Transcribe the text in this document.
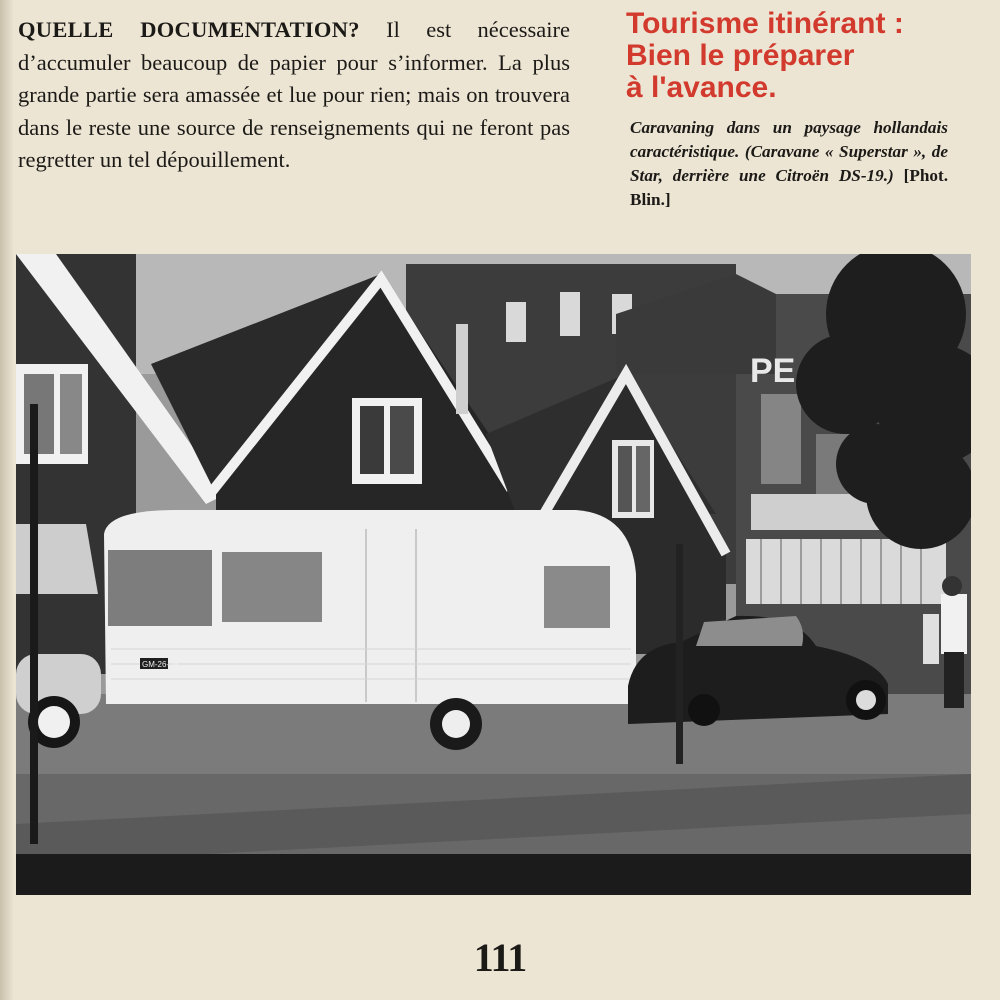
QUELLE DOCUMENTATION? Il est nécessaire d’accumuler beaucoup de papier pour s’informer. La plus grande partie sera amassée et lue pour rien; mais on trouvera dans le reste une source de renseignements qui ne feront pas regretter un tel dépouillement.

Tourisme itinérant :
Bien le préparer
à l'avance.

Caravaning dans un paysage hollandais caractéristique. (Caravane « Superstar », de Star, derrière une Citroën DS-19.) [Phot. Blin.]

PE
GM-26-28
111
